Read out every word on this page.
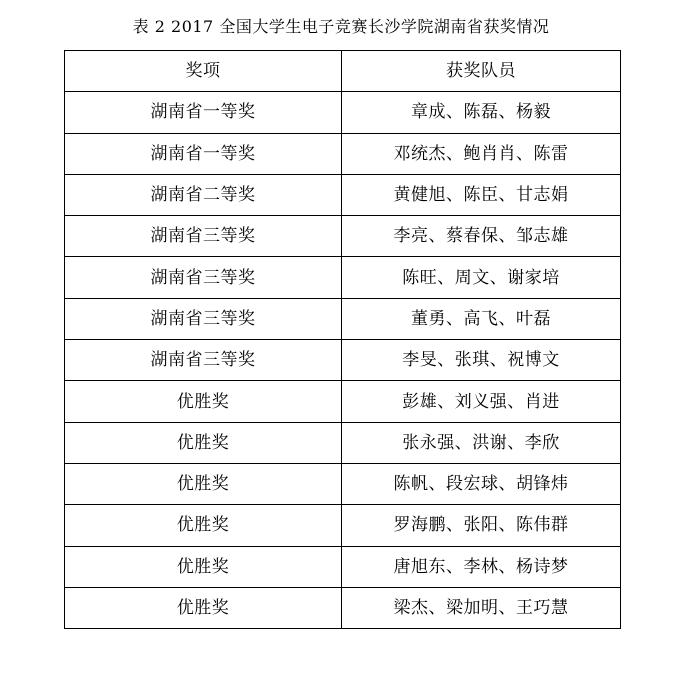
表 2 2017 全国大学生电子竞赛长沙学院湖南省获奖情况
奖项	获奖队员
湖南省一等奖	章成、陈磊、杨毅
湖南省一等奖	邓统杰、鲍肖肖、陈雷
湖南省二等奖	黄健旭、陈臣、甘志娟
湖南省三等奖	李亮、蔡春保、邹志雄
湖南省三等奖	陈旺、周文、谢家培
湖南省三等奖	董勇、高飞、叶磊
湖南省三等奖	李旻、张琪、祝博文
优胜奖	彭雄、刘义强、肖进
优胜奖	张永强、洪谢、李欣
优胜奖	陈帆、段宏球、胡锋炜
优胜奖	罗海鹏、张阳、陈伟群
优胜奖	唐旭东、李林、杨诗梦
优胜奖	梁杰、梁加明、王巧慧
